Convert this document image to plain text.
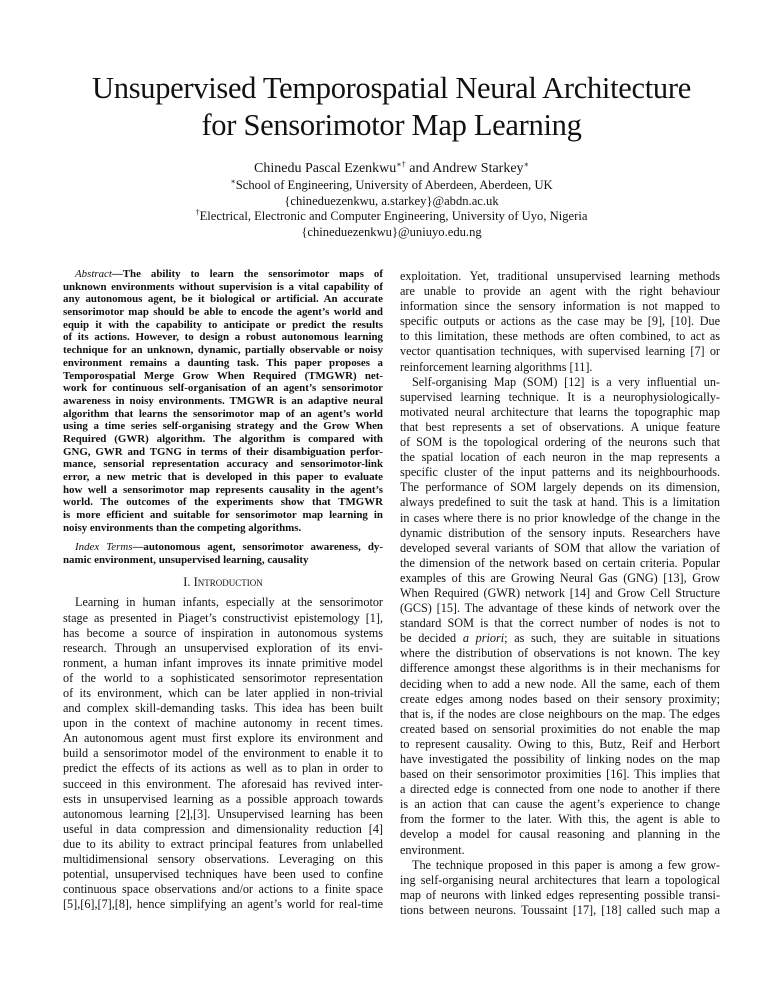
Unsupervised Temporospatial Neural Architecture
for Sensorimotor Map Learning
Chinedu Pascal Ezenkwu∗† and Andrew Starkey∗
∗School of Engineering, University of Aberdeen, Aberdeen, UK
{chineduezenkwu, a.starkey}@abdn.ac.uk
†Electrical, Electronic and Computer Engineering, University of Uyo, Nigeria
{chineduezenkwu}@uniuyo.edu.ng
Abstract—The ability to learn the sensorimotor maps of
unknown environments without supervision is a vital capability of
any autonomous agent, be it biological or artificial. An accurate
sensorimotor map should be able to encode the agent’s world and
equip it with the capability to anticipate or predict the results
of its actions. However, to design a robust autonomous learning
technique for an unknown, dynamic, partially observable or noisy
environment remains a daunting task. This paper proposes a
Temporospatial Merge Grow When Required (TMGWR) net-
work for continuous self-organisation of an agent’s sensorimotor
awareness in noisy environments. TMGWR is an adaptive neural
algorithm that learns the sensorimotor map of an agent’s world
using a time series self-organising strategy and the Grow When
Required (GWR) algorithm. The algorithm is compared with
GNG, GWR and TGNG in terms of their disambiguation perfor-
mance, sensorial representation accuracy and sensorimotor-link
error, a new metric that is developed in this paper to evaluate
how well a sensorimotor map represents causality in the agent’s
world. The outcomes of the experiments show that TMGWR
is more efficient and suitable for sensorimotor map learning in
noisy environments than the competing algorithms.
Index Terms—autonomous agent, sensorimotor awareness, dy-
namic environment, unsupervised learning, causality
I. Introduction
Learning in human infants, especially at the sensorimotor
stage as presented in Piaget’s constructivist epistemology [1],
has become a source of inspiration in autonomous systems
research. Through an unsupervised exploration of its envi-
ronment, a human infant improves its innate primitive model
of the world to a sophisticated sensorimotor representation
of its environment, which can be later applied in non-trivial
and complex skill-demanding tasks. This idea has been built
upon in the context of machine autonomy in recent times.
An autonomous agent must first explore its environment and
build a sensorimotor model of the environment to enable it to
predict the effects of its actions as well as to plan in order to
succeed in this environment. The aforesaid has revived inter-
ests in unsupervised learning as a possible approach towards
autonomous learning [2],[3]. Unsupervised learning has been
useful in data compression and dimensionality reduction [4]
due to its ability to extract principal features from unlabelled
multidimensional sensory observations. Leveraging on this
potential, unsupervised techniques have been used to confine
continuous space observations and/or actions to a finite space
[5],[6],[7],[8], hence simplifying an agent’s world for real-time
exploitation. Yet, traditional unsupervised learning methods
are unable to provide an agent with the right behaviour
information since the sensory information is not mapped to
specific outputs or actions as the case may be [9], [10]. Due
to this limitation, these methods are often combined, to act as
vector quantisation techniques, with supervised learning [7] or
reinforcement learning algorithms [11].
Self-organising Map (SOM) [12] is a very influential un-
supervised learning technique. It is a neurophysiologically-
motivated neural architecture that learns the topographic map
that best represents a set of observations. A unique feature
of SOM is the topological ordering of the neurons such that
the spatial location of each neuron in the map represents a
specific cluster of the input patterns and its neighbourhoods.
The performance of SOM largely depends on its dimension,
always predefined to suit the task at hand. This is a limitation
in cases where there is no prior knowledge of the change in the
dynamic distribution of the sensory inputs. Researchers have
developed several variants of SOM that allow the variation of
the dimension of the network based on certain criteria. Popular
examples of this are Growing Neural Gas (GNG) [13], Grow
When Required (GWR) network [14] and Grow Cell Structure
(GCS) [15]. The advantage of these kinds of network over the
standard SOM is that the correct number of nodes is not to
be decided a priori; as such, they are suitable in situations
where the distribution of observations is not known. The key
difference amongst these algorithms is in their mechanisms for
deciding when to add a new node. All the same, each of them
create edges among nodes based on their sensory proximity;
that is, if the nodes are close neighbours on the map. The edges
created based on sensorial proximities do not enable the map
to represent causality. Owing to this, Butz, Reif and Herbort
have investigated the possibility of linking nodes on the map
based on their sensorimotor proximities [16]. This implies that
a directed edge is connected from one node to another if there
is an action that can cause the agent’s experience to change
from the former to the later. With this, the agent is able to
develop a model for causal reasoning and planning in the
environment.
The technique proposed in this paper is among a few grow-
ing self-organising neural architectures that learn a topological
map of neurons with linked edges representing possible transi-
tions between neurons. Toussaint [17], [18] called such map a
